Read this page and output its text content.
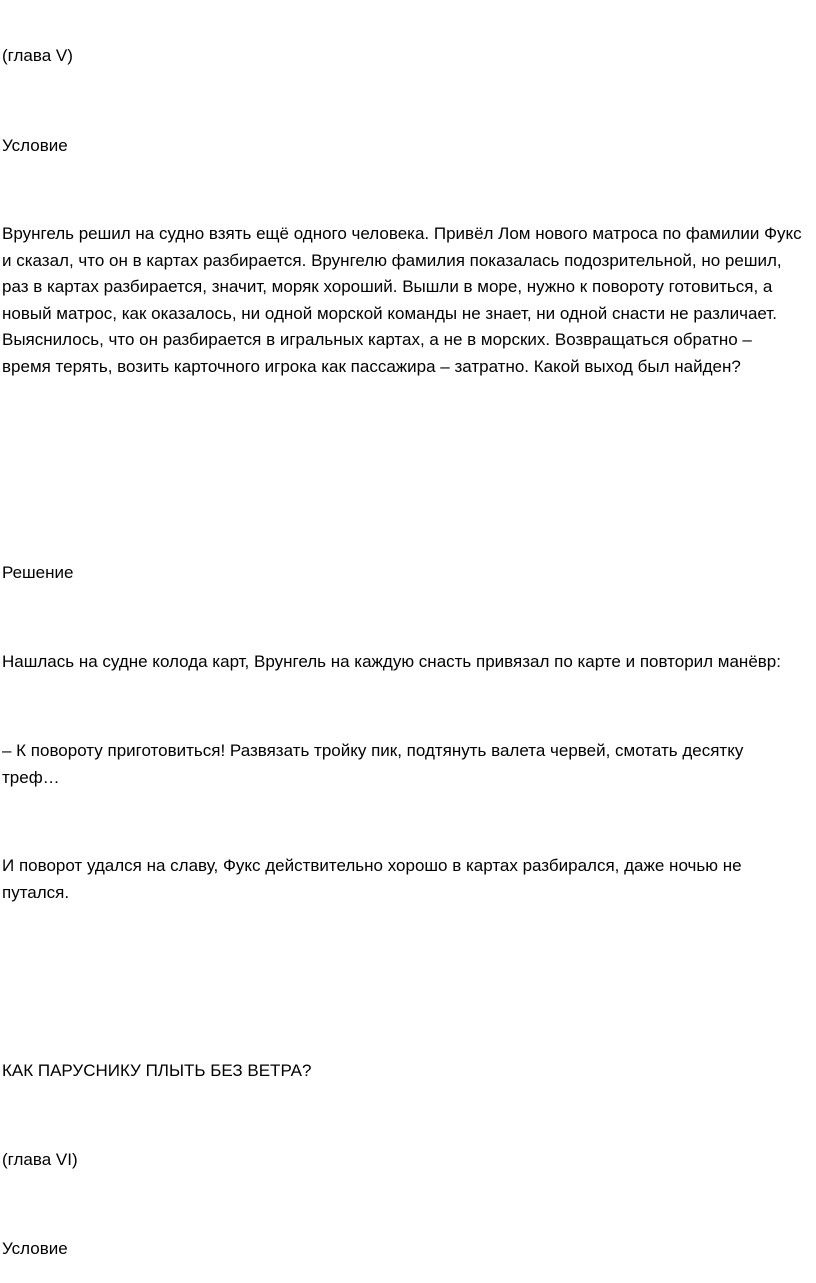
(глава V)

Условие

Врунгель решил на судно взять ещё одного человека. Привёл Лом нового матроса по фамилии Фукс и сказал, что он в картах разбирается. Врунгелю фамилия показалась подозрительной, но решил, раз в картах разбирается, значит, моряк хороший. Вышли в море, нужно к повороту готовиться, а новый матрос, как оказалось, ни одной морской команды не знает, ни одной снасти не различает. Выяснилось, что он разбирается в игральных картах, а не в морских. Возвращаться обратно – время терять, возить карточного игрока как пассажира – затратно. Какой выход был найден?

Решение

Нашлась на судне колода карт, Врунгель на каждую снасть привязал по карте и повторил манёвр:

– К повороту приготовиться! Развязать тройку пик, подтянуть валета червей, смотать десятку треф…

И поворот удался на славу, Фукс действительно хорошо в картах разбирался, даже ночью не путался.

КАК ПАРУСНИКУ ПЛЫТЬ БЕЗ ВЕТРА?

(глава VI)

Условие
